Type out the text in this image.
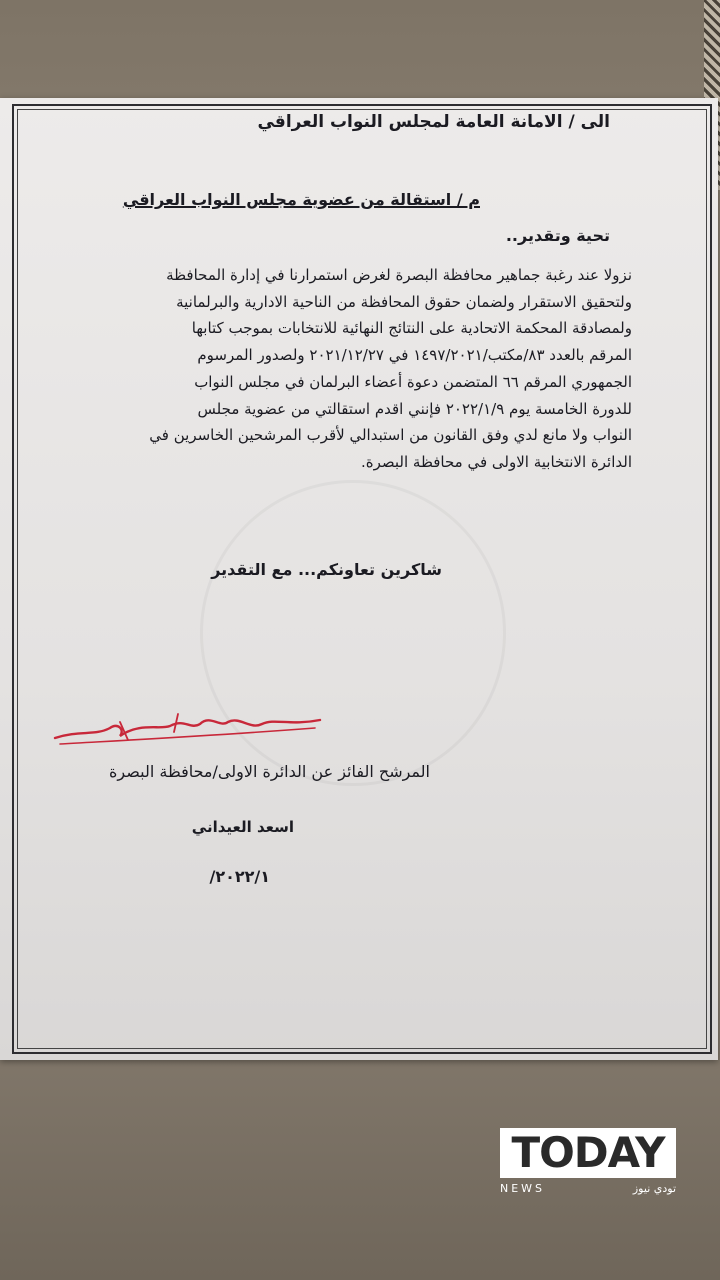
الى / الامانة العامة لمجلس النواب العراقي
م / استقالة من عضوية مجلس النواب العراقي
تحية وتقدير..
نزولا عند رغبة جماهير محافظة البصرة لغرض استمرارنا في إدارة المحافظة
ولتحقيق الاستقرار ولضمان حقوق المحافظة من الناحية الادارية والبرلمانية
ولمصادقة المحكمة الاتحادية على النتائج النهائية للانتخابات بموجب كتابها
المرقم بالعدد ٨٣/مكتب/١٤٩٧/٢٠٢١ في ٢٠٢١/١٢/٢٧ ولصدور المرسوم
الجمهوري المرقم ٦٦ المتضمن دعوة أعضاء البرلمان في مجلس النواب
للدورة الخامسة يوم ٢٠٢٢/١/٩ فإنني اقدم استقالتي من عضوية مجلس
النواب ولا مانع لدي وفق القانون من استبدالي لأقرب المرشحين الخاسرين في
الدائرة الانتخابية الاولى في محافظة البصرة.
شاكرين تعاونكم... مع التقدير
المرشح الفائز عن الدائرة الاولى/محافظة البصرة
اسعد العيداني
٢٠٢٢/١/
TODAY
NEWS	تودي نيوز
